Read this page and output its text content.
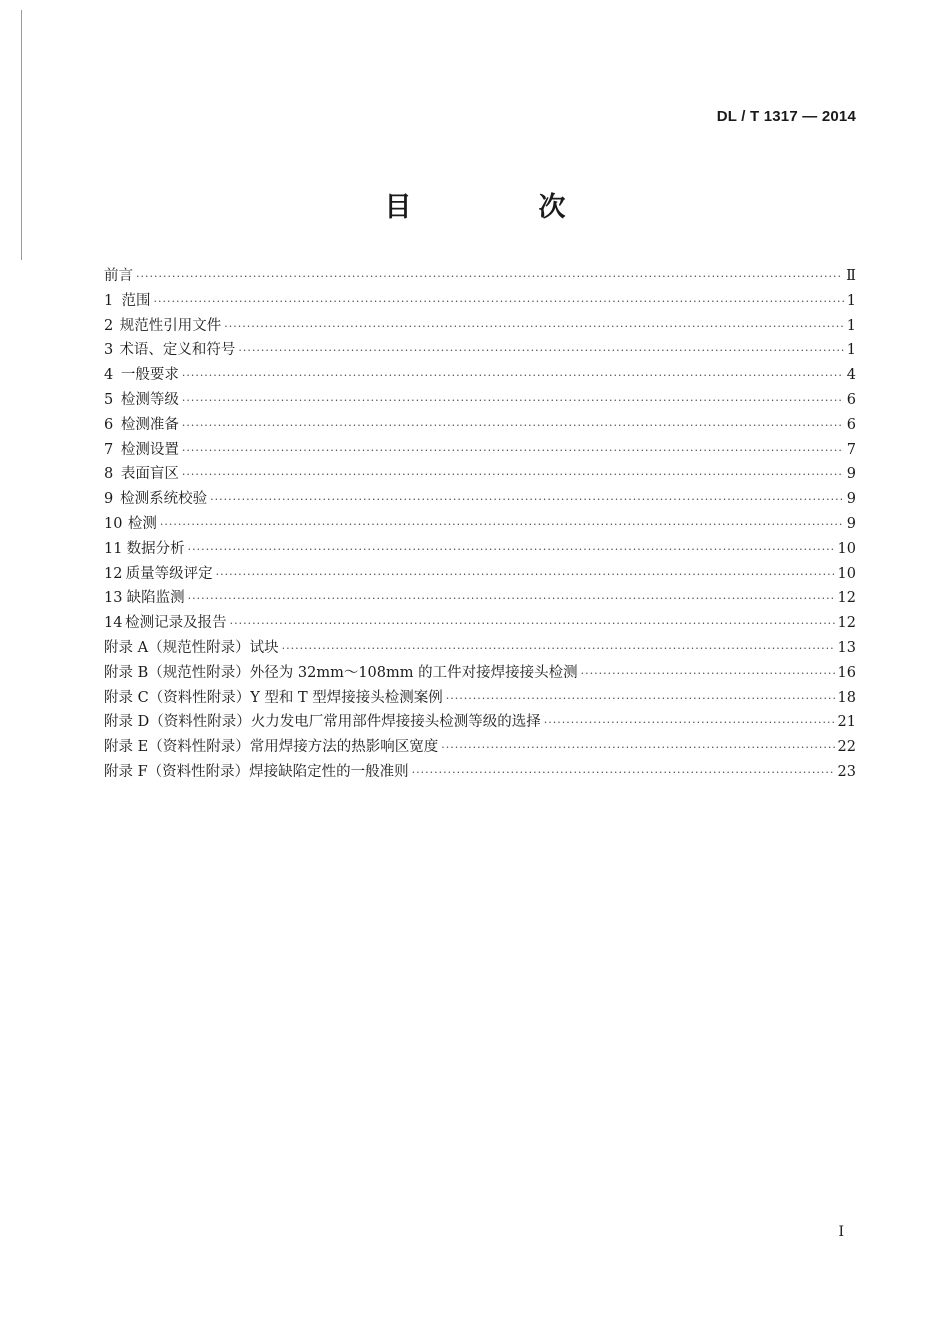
DL / T 1317 — 2014
目　次
前言 ·····	Ⅱ
1 范围 ·····	1
2 规范性引用文件 ·····	1
3 术语、定义和符号 ·····	1
4 一般要求 ·····	4
5 检测等级 ·····	6
6 检测准备 ·····	6
7 检测设置 ·····	7
8 表面盲区 ·····	9
9 检测系统校验 ·····	9
10 检测 ·····	9
11 数据分析 ·····	10
12 质量等级评定 ·····	10
13 缺陷监测 ·····	12
14 检测记录及报告 ·····	12
附录 A（规范性附录） 试块 ·····	13
附录 B（规范性附录） 外径为 32mm～108mm 的工件对接焊接接头检测 ·····	16
附录 C（资料性附录） Y 型和 T 型焊接接头检测案例 ·····	18
附录 D（资料性附录） 火力发电厂常用部件焊接接头检测等级的选择 ·····	21
附录 E（资料性附录） 常用焊接方法的热影响区宽度 ·····	22
附录 F（资料性附录） 焊接缺陷定性的一般准则 ·····	23
I
